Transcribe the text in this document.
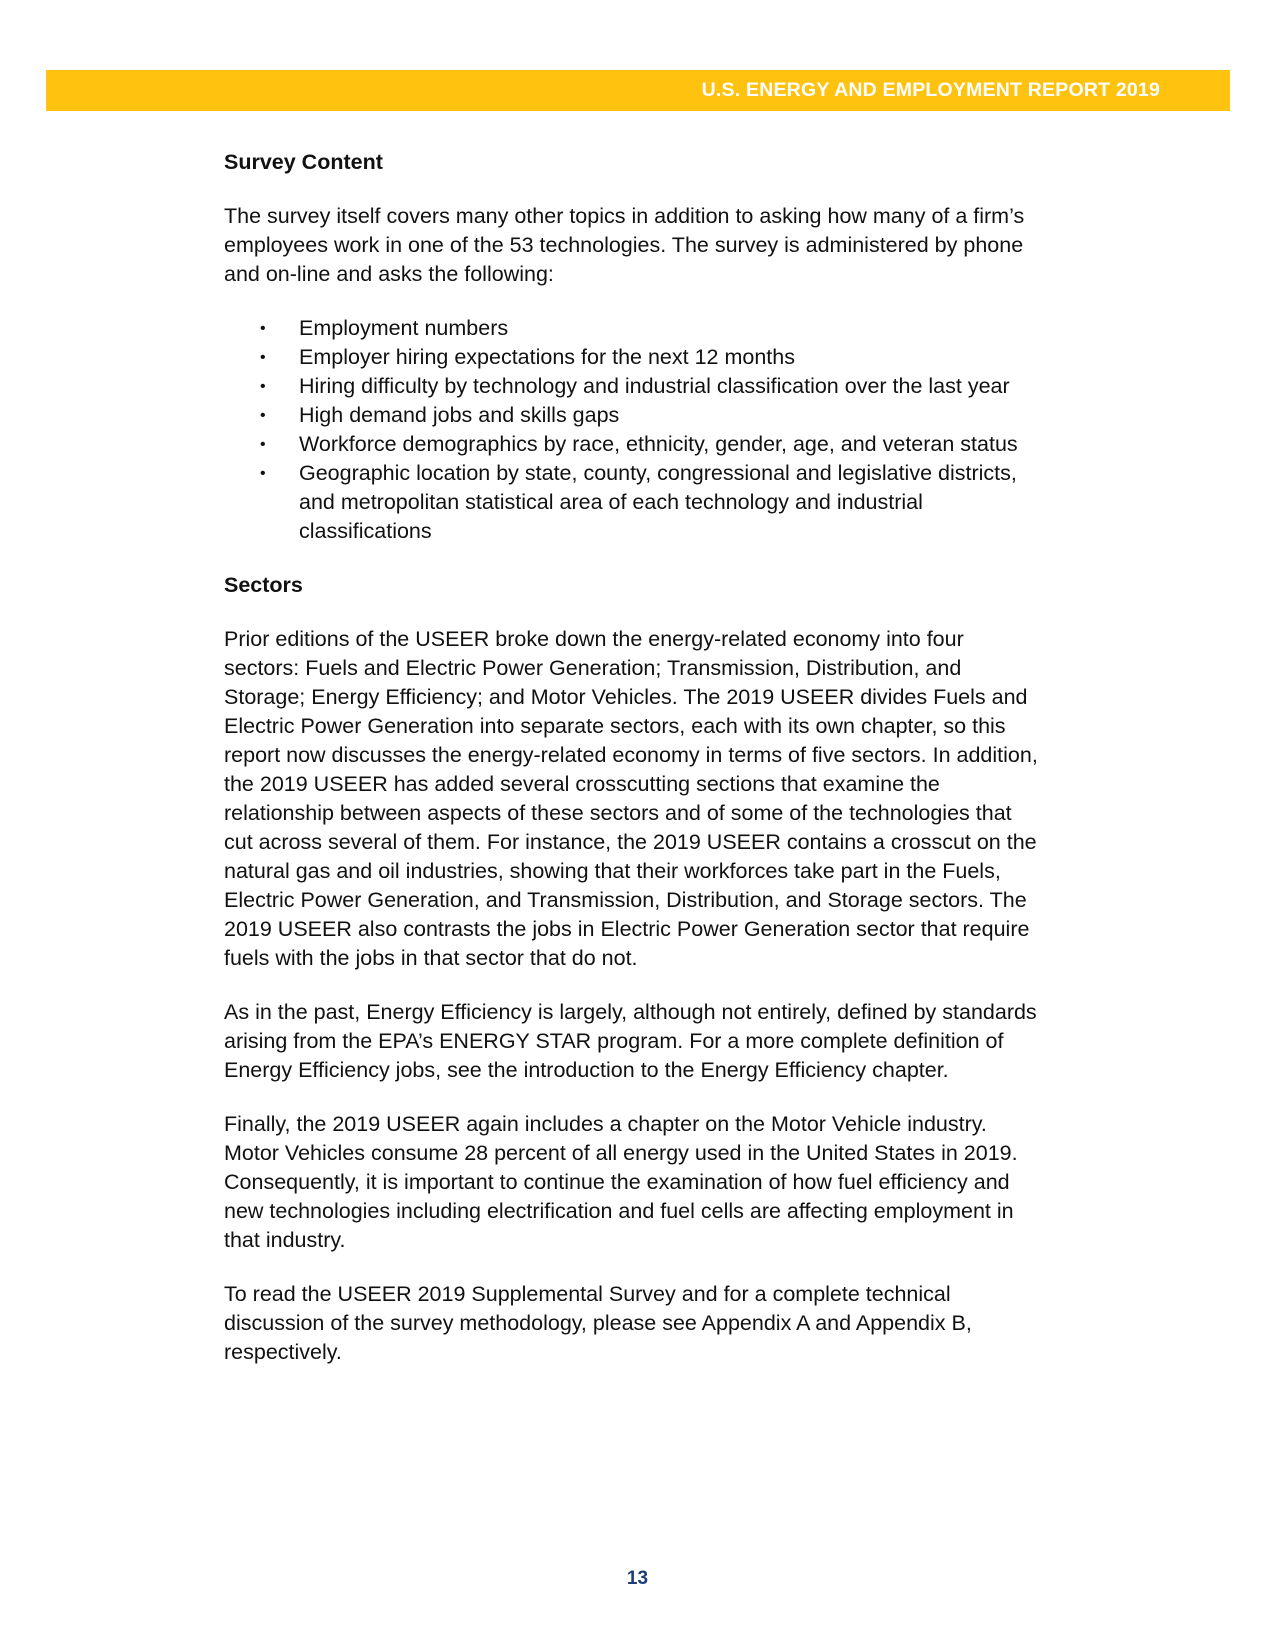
U.S. ENERGY AND EMPLOYMENT REPORT 2019
Survey Content

The survey itself covers many other topics in addition to asking how many of a firm’s employees work in one of the 53 technologies. The survey is administered by phone and on-line and asks the following:

• Employment numbers
• Employer hiring expectations for the next 12 months
• Hiring difficulty by technology and industrial classification over the last year
• High demand jobs and skills gaps
• Workforce demographics by race, ethnicity, gender, age, and veteran status
• Geographic location by state, county, congressional and legislative districts, and metropolitan statistical area of each technology and industrial classifications
Sectors

Prior editions of the USEER broke down the energy-related economy into four sectors: Fuels and Electric Power Generation; Transmission, Distribution, and Storage; Energy Efficiency; and Motor Vehicles. The 2019 USEER divides Fuels and Electric Power Generation into separate sectors, each with its own chapter, so this report now discusses the energy-related economy in terms of five sectors. In addition, the 2019 USEER has added several crosscutting sections that examine the relationship between aspects of these sectors and of some of the technologies that cut across several of them. For instance, the 2019 USEER contains a crosscut on the natural gas and oil industries, showing that their workforces take part in the Fuels, Electric Power Generation, and Transmission, Distribution, and Storage sectors. The 2019 USEER also contrasts the jobs in Electric Power Generation sector that require fuels with the jobs in that sector that do not.

As in the past, Energy Efficiency is largely, although not entirely, defined by standards arising from the EPA’s ENERGY STAR program. For a more complete definition of Energy Efficiency jobs, see the introduction to the Energy Efficiency chapter.

Finally, the 2019 USEER again includes a chapter on the Motor Vehicle industry. Motor Vehicles consume 28 percent of all energy used in the United States in 2019. Consequently, it is important to continue the examination of how fuel efficiency and new technologies including electrification and fuel cells are affecting employment in that industry.

To read the USEER 2019 Supplemental Survey and for a complete technical discussion of the survey methodology, please see Appendix A and Appendix B, respectively.

13
